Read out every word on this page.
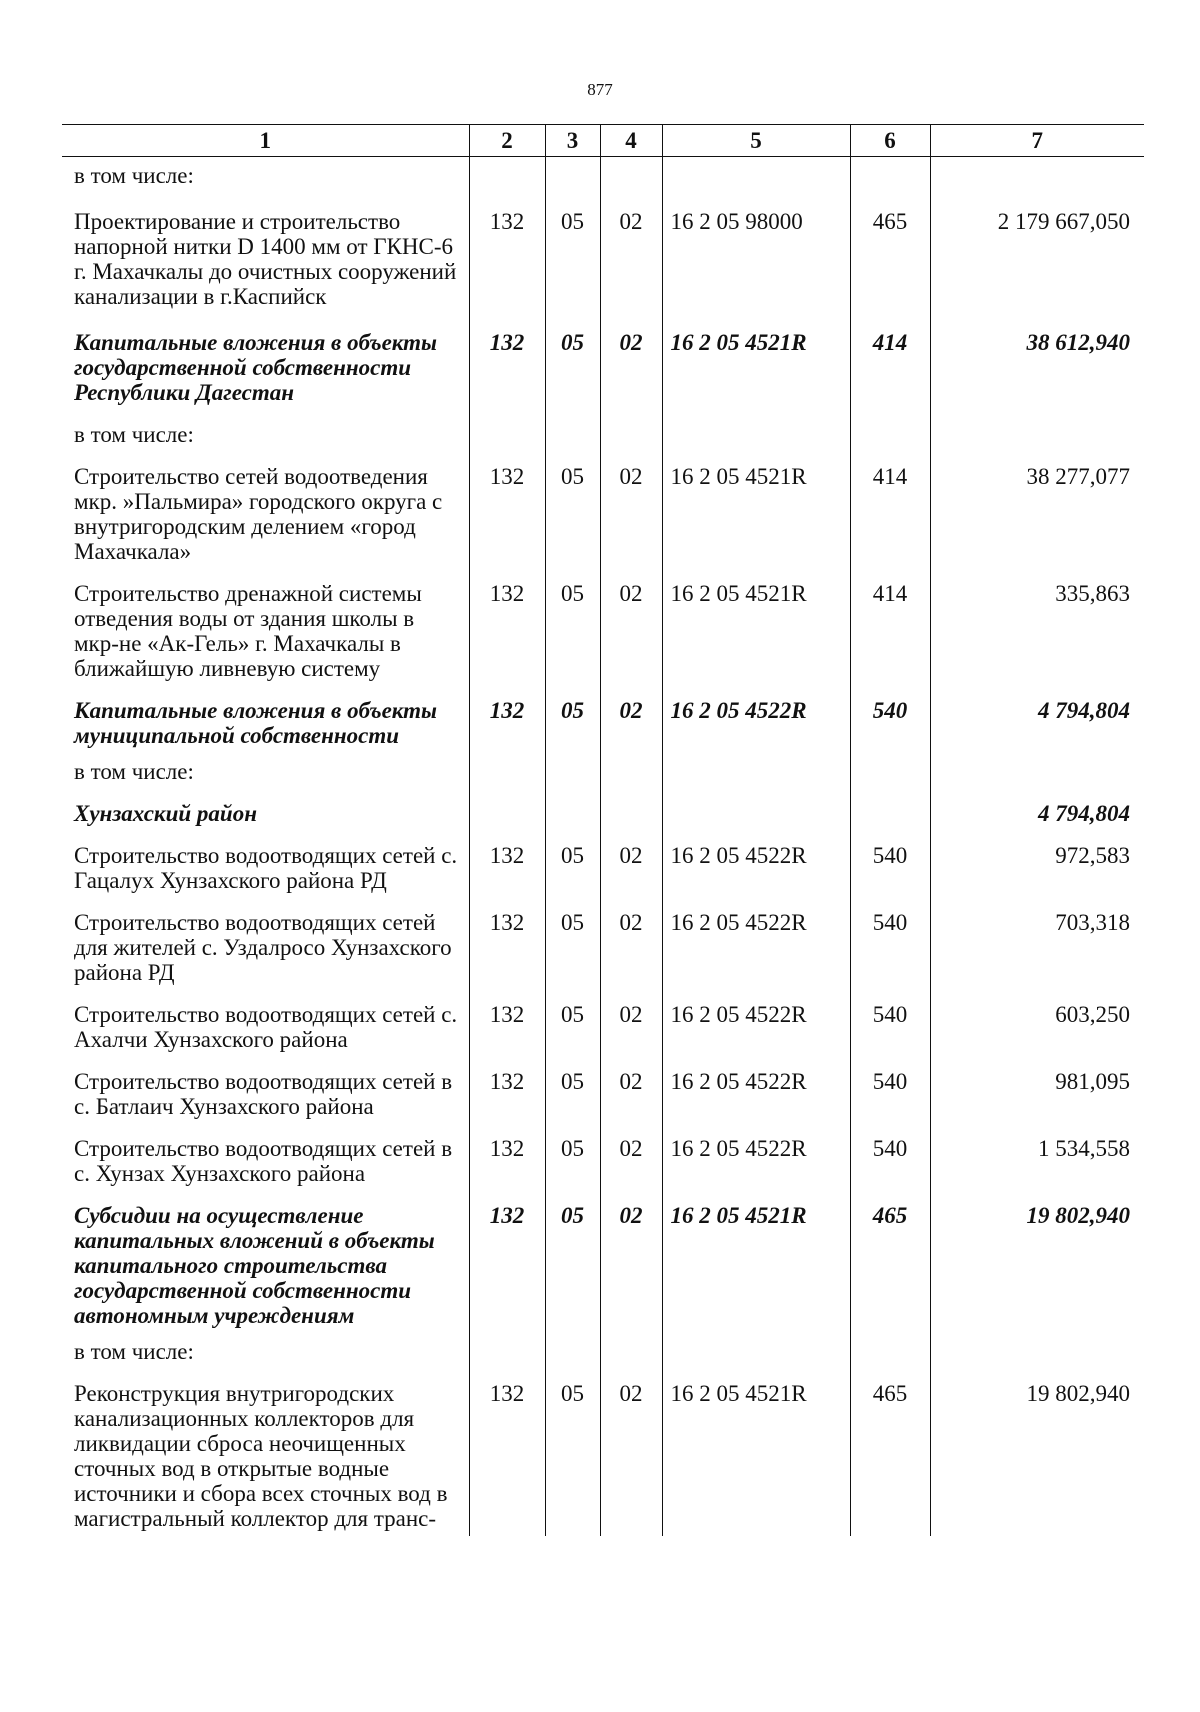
877
1	2	3	4	5	6	7
в том числе:						
Проектирование и строительство напорной нитки D 1400 мм от ГКНС-6 г. Махачкалы до очистных сооружений канализации в г.Каспийск	132	05	02	16 2 05 98000	465	2 179 667,050
Капитальные вложения в объекты государственной собственности Республики Дагестан	132	05	02	16 2 05 4521R	414	38 612,940
в том числе:						
Строительство сетей водоотведения мкр. »Пальмира» городского округа с внутригородским делением «город Махачкала»	132	05	02	16 2 05 4521R	414	38 277,077
Строительство дренажной системы отведения воды от здания школы в мкр-не «Ак-Гель» г. Махачкалы в ближайшую ливневую систему	132	05	02	16 2 05 4521R	414	335,863
Капитальные вложения в объекты муниципальной собственности	132	05	02	16 2 05 4522R	540	4 794,804
в том числе:						
Хунзахский район						4 794,804
Строительство водоотводящих сетей с. Гацалух Хунзахского района РД	132	05	02	16 2 05 4522R	540	972,583
Строительство водоотводящих сетей для жителей с. Уздалросо Хунзахского района РД	132	05	02	16 2 05 4522R	540	703,318
Строительство водоотводящих сетей с. Ахалчи Хунзахского района	132	05	02	16 2 05 4522R	540	603,250
Строительство водоотводящих сетей в с. Батлаич Хунзахского района	132	05	02	16 2 05 4522R	540	981,095
Строительство водоотводящих сетей в с. Хунзах Хунзахского района	132	05	02	16 2 05 4522R	540	1 534,558
Субсидии на осуществление капитальных вложений в объекты капитального строительства государственной собственности автономным учреждениям	132	05	02	16 2 05 4521R	465	19 802,940
в том числе:						
Реконструкция внутригородских канализационных коллекторов для ликвидации сброса неочищенных сточных вод в открытые водные источники и сбора всех сточных вод в магистральный коллектор для транс-	132	05	02	16 2 05 4521R	465	19 802,940
